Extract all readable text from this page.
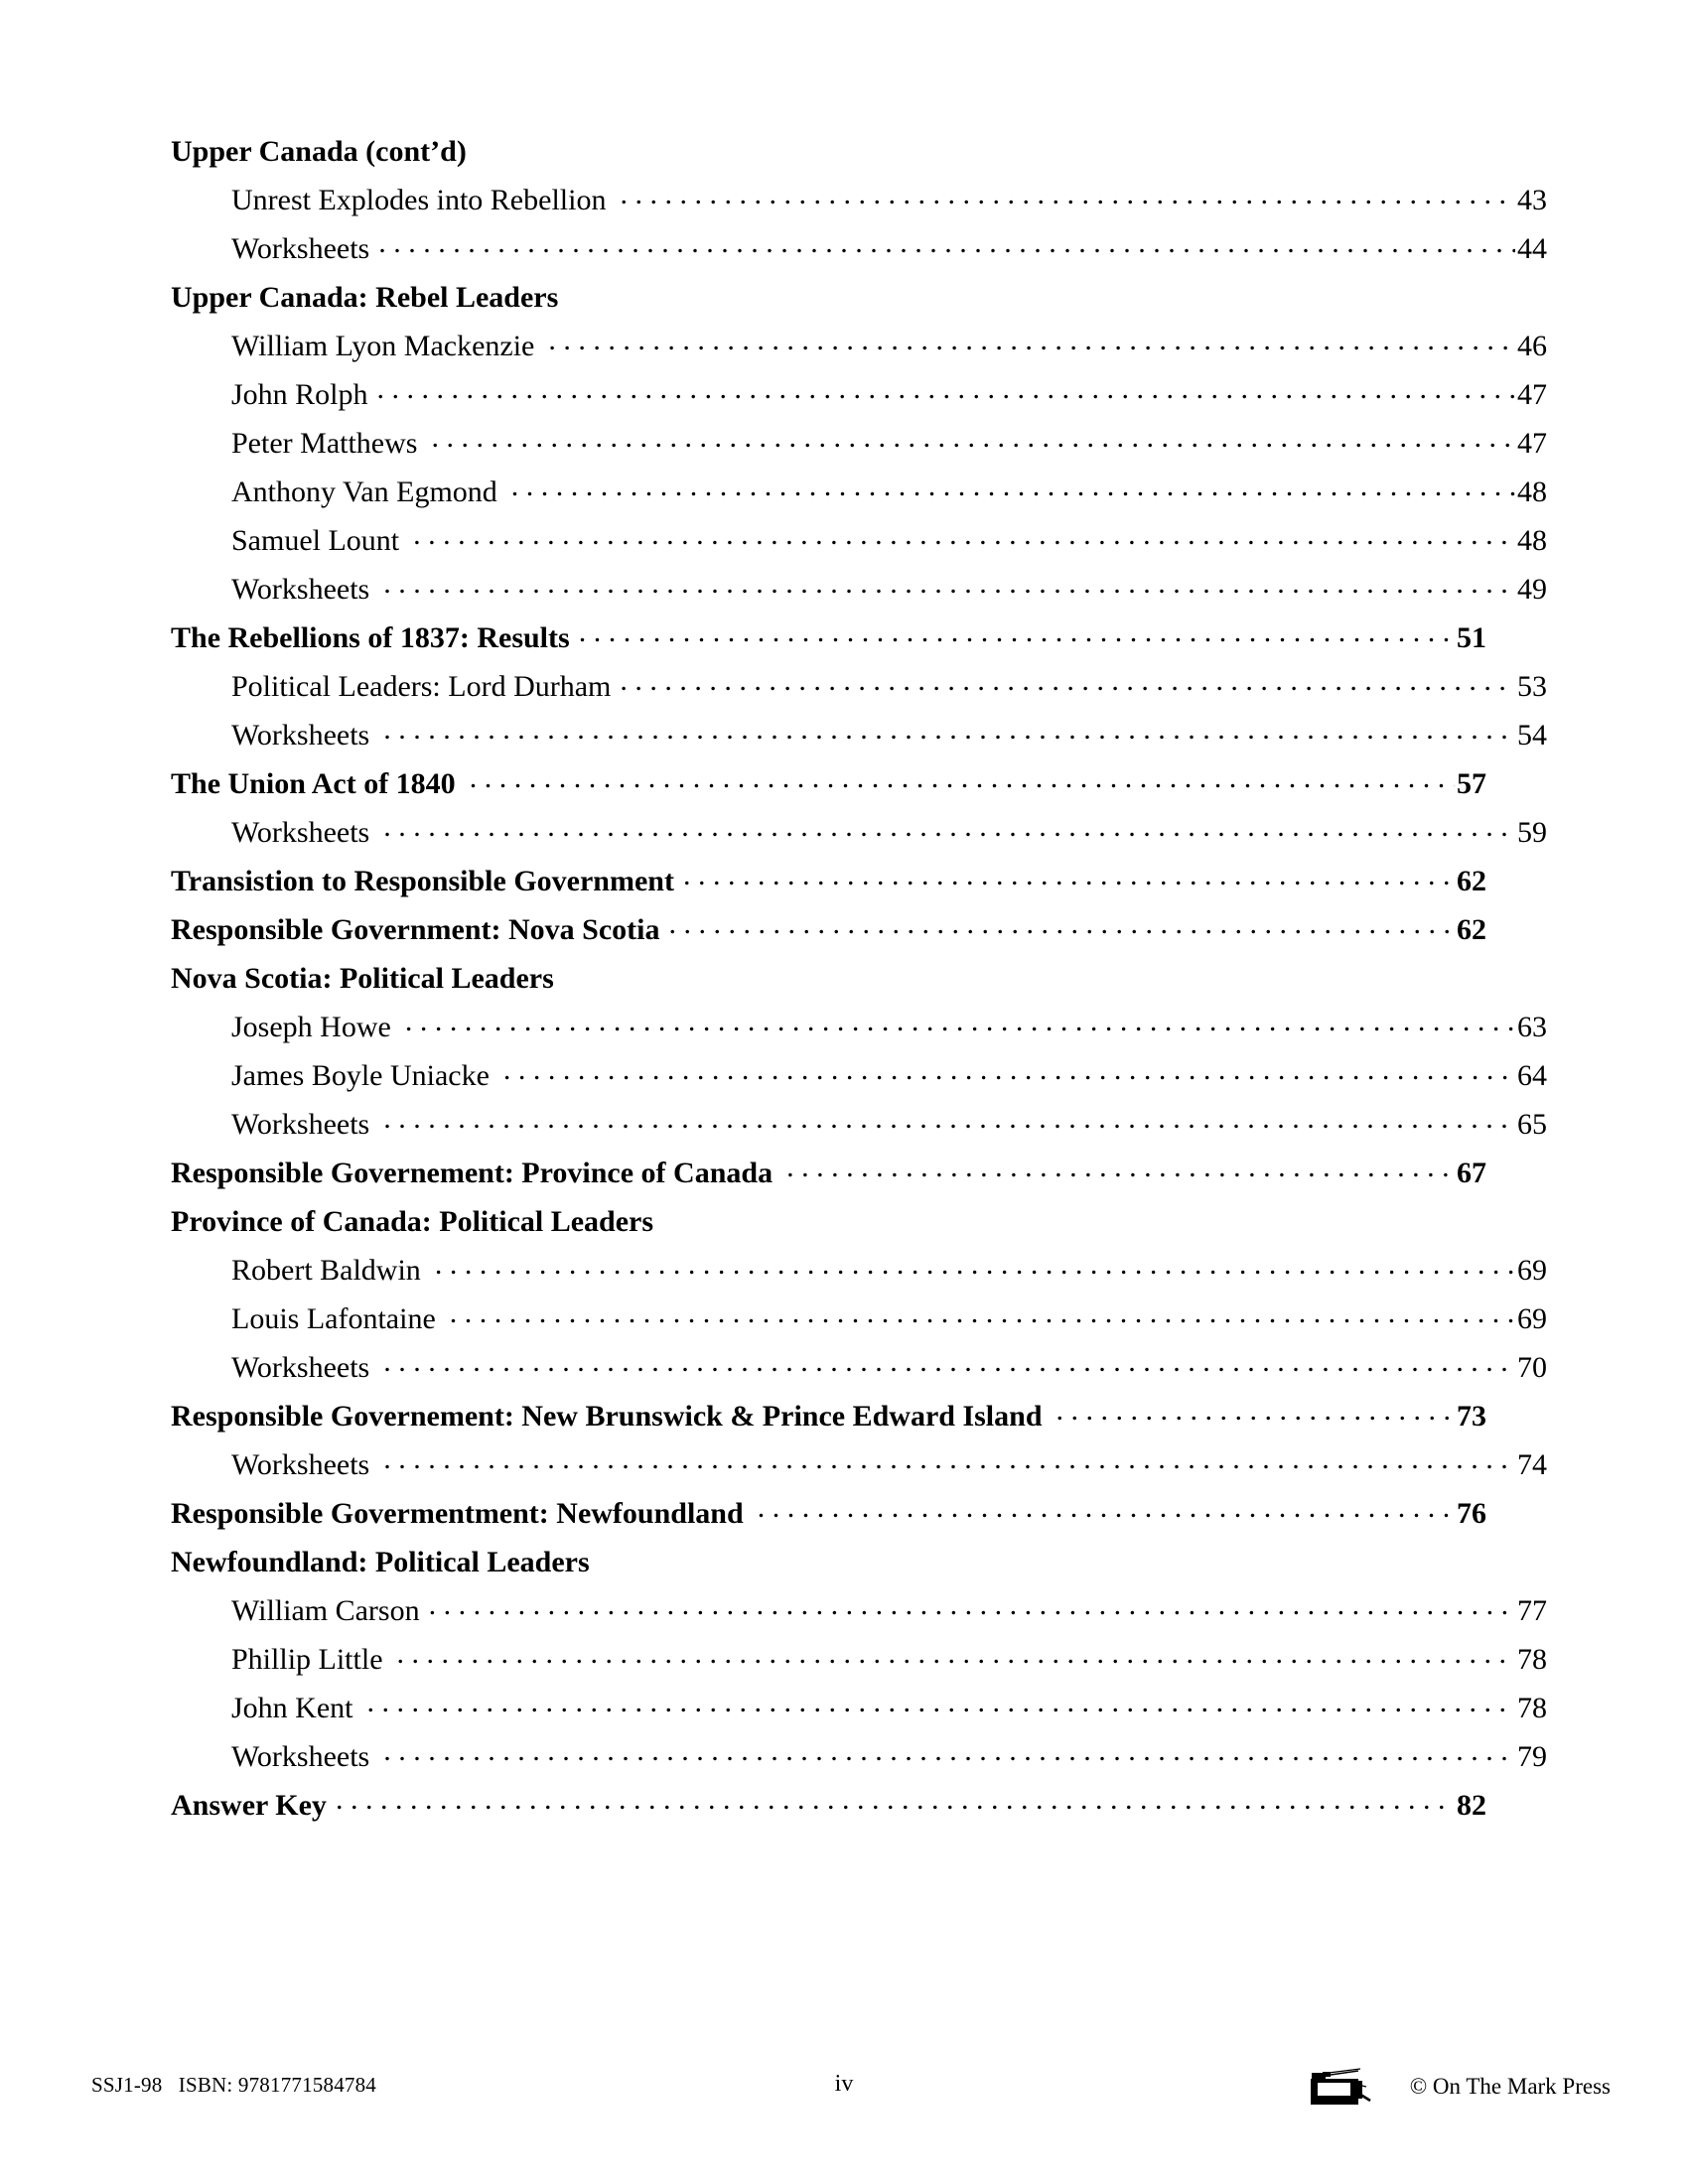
Upper Canada (cont’d)
Unrest Explodes into Rebellion . . .	43
Worksheets . . .	44
Upper Canada: Rebel Leaders
William Lyon Mackenzie . . .	46
John Rolph . . .	47
Peter Matthews . . .	47
Anthony Van Egmond . . .	48
Samuel Lount . . .	48
Worksheets . . .	49
The Rebellions of 1837: Results . . .	51
Political Leaders: Lord Durham . . .	53
Worksheets . . .	54
The Union Act of 1840 . . .	57
Worksheets . . .	59
Transistion to Responsible Government . . .	62
Responsible Government: Nova Scotia . . .	62
Nova Scotia: Political Leaders
Joseph Howe . . .	63
James Boyle Uniacke . . .	64
Worksheets . . .	65
Responsible Governement: Province of Canada . . .	67
Province of Canada: Political Leaders
Robert Baldwin . . .	69
Louis Lafontaine . . .	69
Worksheets . . .	70
Responsible Governement: New Brunswick & Prince Edward Island . . .	73
Worksheets . . .	74
Responsible Govermentment: Newfoundland . . .	76
Newfoundland: Political Leaders
William Carson . . .	77
Phillip Little . . .	78
John Kent . . .	78
Worksheets . . .	79
Answer Key . . .	82
SSJ1-98   ISBN: 9781771584784	iv	© On The Mark Press
